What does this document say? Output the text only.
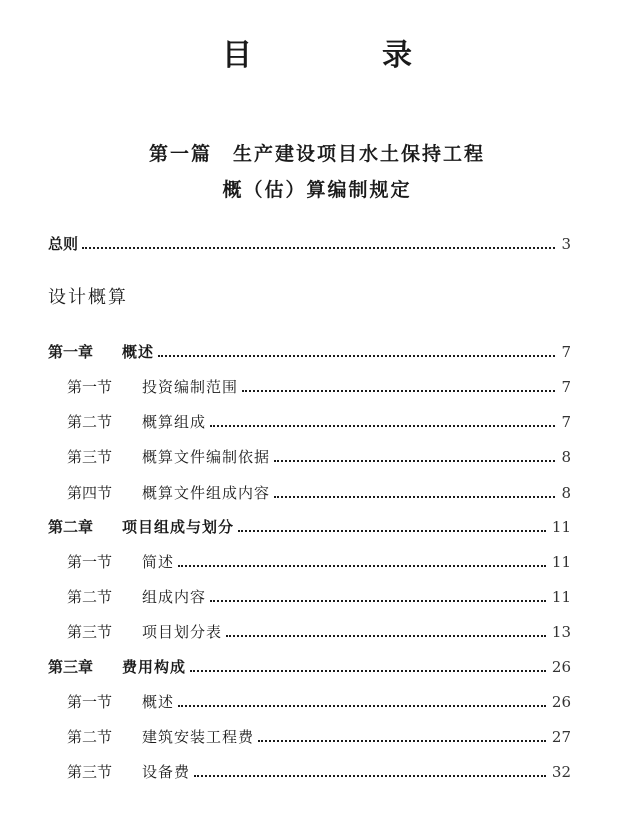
目　录
第一篇　生产建设项目水土保持工程
概（估）算编制规定
总则	3
设计概算
第一章 概述	7
第一节 投资编制范围	7
第二节 概算组成	7
第三节 概算文件编制依据	8
第四节 概算文件组成内容	8
第二章 项目组成与划分	11
第一节 简述	11
第二节 组成内容	11
第三节 项目划分表	13
第三章 费用构成	26
第一节 概述	26
第二节 建筑安装工程费	27
第三节 设备费	32
